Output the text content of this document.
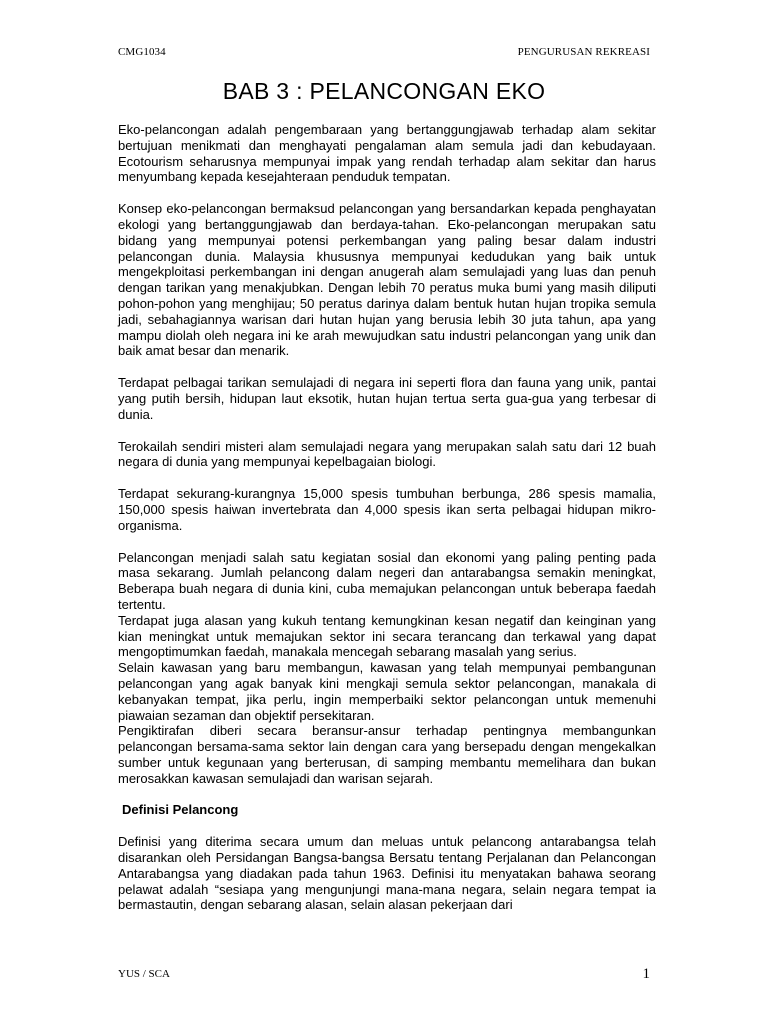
CMG1034	PENGURUSAN REKREASI
BAB 3 : PELANCONGAN EKO

Eko-pelancongan adalah pengembaraan yang bertanggungjawab terhadap alam sekitar bertujuan menikmati dan menghayati pengalaman alam semula jadi dan kebudayaan. Ecotourism seharusnya mempunyai impak yang rendah terhadap alam sekitar dan harus menyumbang kepada kesejahteraan penduduk tempatan.

Konsep eko-pelancongan bermaksud pelancongan yang bersandarkan kepada penghayatan ekologi yang bertanggungjawab dan berdaya-tahan. Eko-pelancongan merupakan satu bidang yang mempunyai potensi perkembangan yang paling besar dalam industri pelancongan dunia. Malaysia khususnya mempunyai kedudukan yang baik untuk mengekploitasi perkembangan ini dengan anugerah alam semulajadi yang luas dan penuh dengan tarikan yang menakjubkan. Dengan lebih 70 peratus muka bumi yang masih diliputi pohon-pohon yang menghijau; 50 peratus darinya dalam bentuk hutan hujan tropika semula jadi, sebahagiannya warisan dari hutan hujan yang berusia lebih 30 juta tahun, apa yang mampu diolah oleh negara ini ke arah mewujudkan satu industri pelancongan yang unik dan baik amat besar dan menarik.

Terdapat pelbagai tarikan semulajadi di negara ini seperti flora dan fauna yang unik, pantai yang putih bersih, hidupan laut eksotik, hutan hujan tertua serta gua-gua yang terbesar di dunia.

Terokailah sendiri misteri alam semulajadi negara yang merupakan salah satu dari 12 buah negara di dunia yang mempunyai kepelbagaian biologi.

Terdapat sekurang-kurangnya 15,000 spesis tumbuhan berbunga, 286 spesis mamalia, 150,000 spesis haiwan invertebrata dan 4,000 spesis ikan serta pelbagai hidupan mikro-organisma.

Pelancongan menjadi salah satu kegiatan sosial dan ekonomi yang paling penting pada masa sekarang. Jumlah pelancong dalam negeri dan antarabangsa semakin meningkat, Beberapa buah negara di dunia kini, cuba memajukan pelancongan untuk beberapa faedah tertentu.

Terdapat juga alasan yang kukuh tentang kemungkinan kesan negatif dan keinginan yang kian meningkat untuk memajukan sektor ini secara terancang dan terkawal yang dapat mengoptimumkan faedah, manakala mencegah sebarang masalah yang serius.

Selain kawasan yang baru membangun, kawasan yang telah mempunyai pembangunan pelancongan yang agak banyak kini mengkaji semula sektor pelancongan, manakala di kebanyakan tempat, jika perlu, ingin memperbaiki sektor pelancongan untuk memenuhi piawaian sezaman dan objektif persekitaran.

Pengiktirafan diberi secara beransur-ansur terhadap pentingnya membangunkan pelancongan bersama-sama sektor lain dengan cara yang bersepadu dengan mengekalkan sumber untuk kegunaan yang berterusan, di samping membantu memelihara dan bukan merosakkan kawasan semulajadi dan warisan sejarah.

Definisi Pelancong

Definisi yang diterima secara umum dan meluas untuk pelancong antarabangsa telah disarankan oleh Persidangan Bangsa-bangsa Bersatu tentang Perjalanan dan Pelancongan Antarabangsa yang diadakan pada tahun 1963. Definisi itu menyatakan bahawa seorang pelawat adalah “sesiapa yang mengunjungi mana-mana negara, selain negara tempat ia bermastautin, dengan sebarang alasan, selain alasan pekerjaan dari

YUS / SCA	1
